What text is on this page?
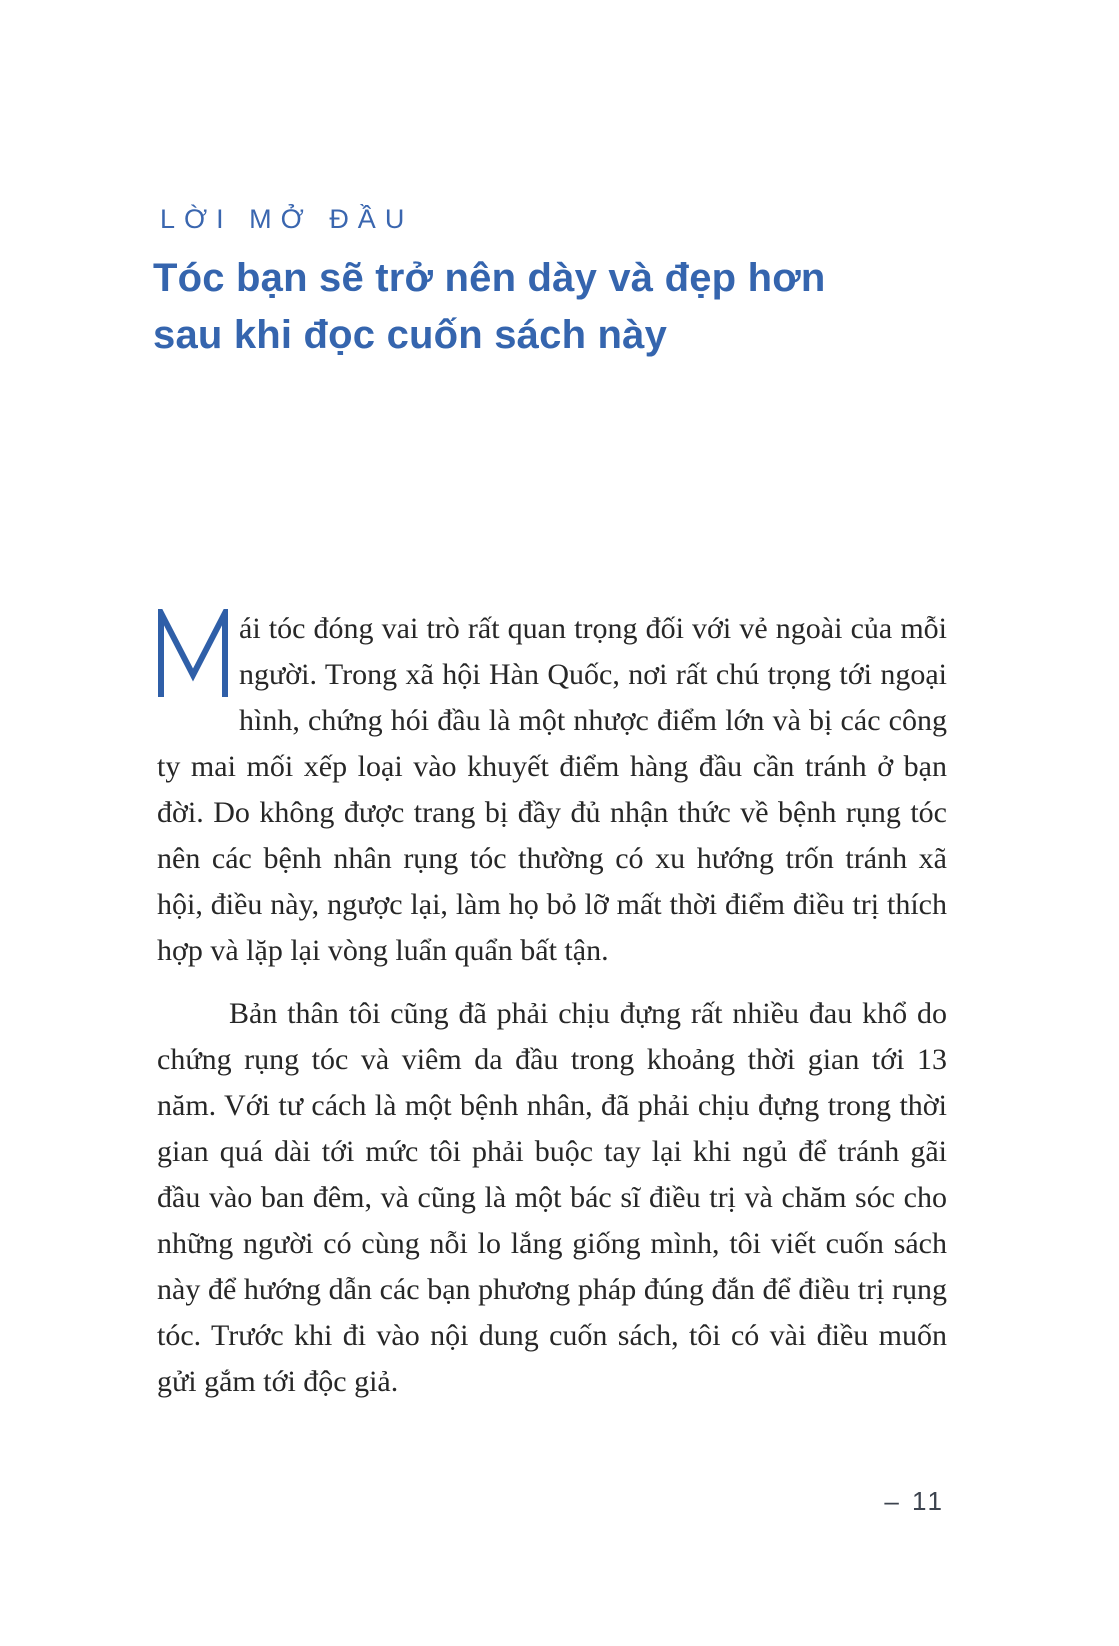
LỜI MỞ ĐẦU
Tóc bạn sẽ trở nên dày và đẹp hơn
sau khi đọc cuốn sách này

ái tóc đóng vai trò rất quan trọng đối với vẻ ngoài của mỗi người. Trong xã hội Hàn Quốc, nơi rất chú trọng tới ngoại hình, chứng hói đầu là một nhược điểm lớn và bị các công ty mai mối xếp loại vào khuyết điểm hàng đầu cần tránh ở bạn đời. Do không được trang bị đầy đủ nhận thức về bệnh rụng tóc nên các bệnh nhân rụng tóc thường có xu hướng trốn tránh xã hội, điều này, ngược lại, làm họ bỏ lỡ mất thời điểm điều trị thích hợp và lặp lại vòng luẩn quẩn bất tận.

Bản thân tôi cũng đã phải chịu đựng rất nhiều đau khổ do chứng rụng tóc và viêm da đầu trong khoảng thời gian tới 13 năm. Với tư cách là một bệnh nhân, đã phải chịu đựng trong thời gian quá dài tới mức tôi phải buộc tay lại khi ngủ để tránh gãi đầu vào ban đêm, và cũng là một bác sĩ điều trị và chăm sóc cho những người có cùng nỗi lo lắng giống mình, tôi viết cuốn sách này để hướng dẫn các bạn phương pháp đúng đắn để điều trị rụng tóc. Trước khi đi vào nội dung cuốn sách, tôi có vài điều muốn gửi gắm tới độc giả.

– 11
